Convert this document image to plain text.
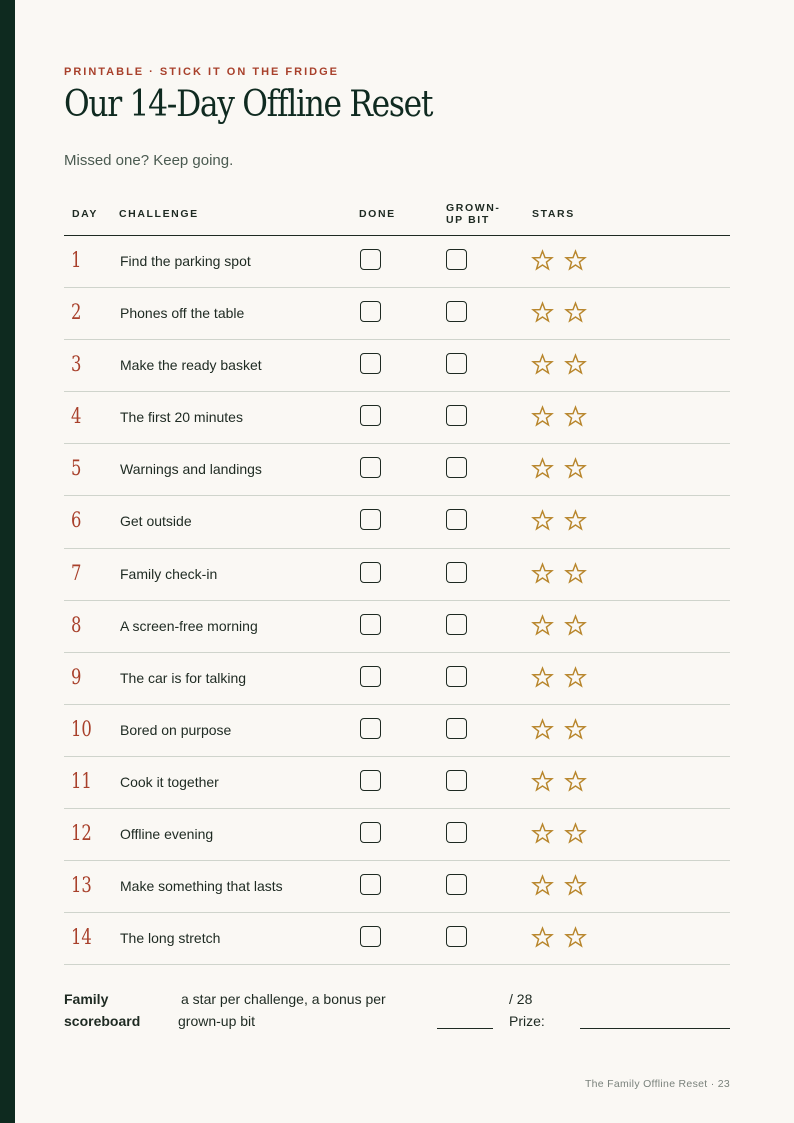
PRINTABLE · STICK IT ON THE FRIDGE
Our 14-Day Offline Reset
Missed one? Keep going.
DAY CHALLENGE	DONE	GROWN-
UP BIT	STARS
1	Find the parking spot
2	Phones off the table
3	Make the ready basket
4	The first 20 minutes
5	Warnings and landings
6	Get outside
7	Family check-in
8	A screen-free morning
9	The car is for talking
10 Bored on purpose
11 Cook it together
12 Offline evening
13 Make something that lasts
14 The long stretch
Family
scoreboard
a star per challenge, a bonus per
grown-up bit
/ 28
Prize:
The Family Offline Reset · 23
